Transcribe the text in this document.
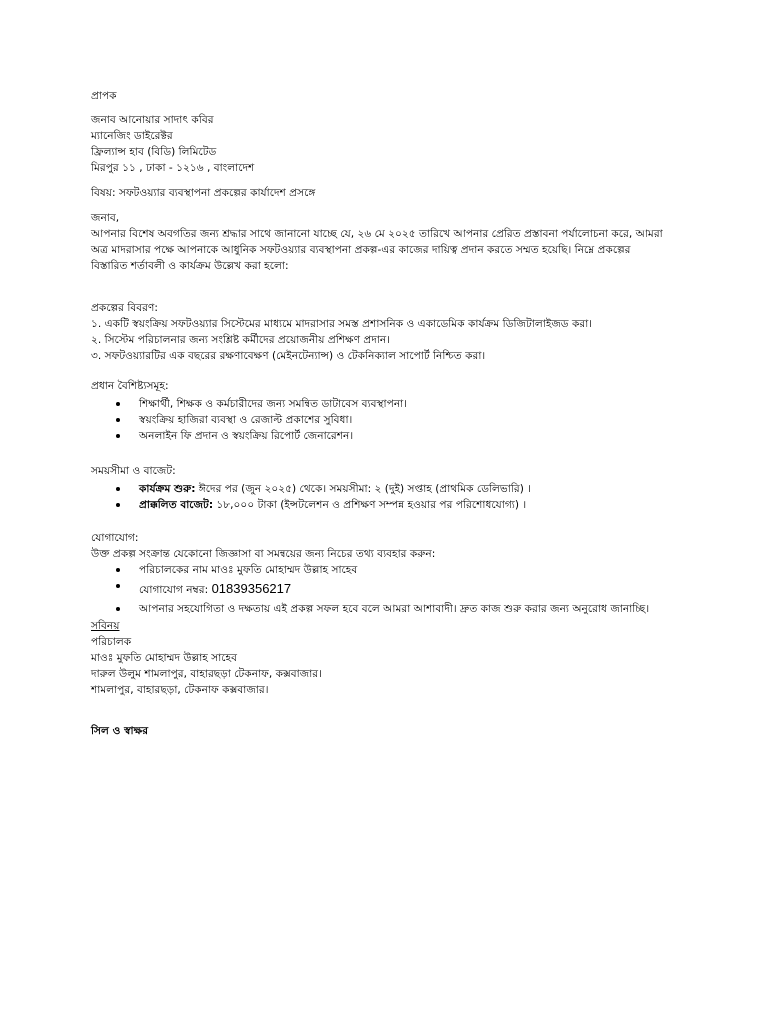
প্রাপক
জনাব আনোয়ার সাদাৎ কবির
ম্যানেজিং ডাইরেক্টর
ফ্রিল্যান্স হাব (বিডি) লিমিটেড
মিরপুর ১১ , ঢাকা - ১২১৬ , বাংলাদেশ
বিষয়: সফটওয়্যার ব্যবস্থাপনা প্রকল্পের কার্যাদেশ প্রসঙ্গে
জনাব,
আপনার বিশেষ অবগতির জন্য শ্রদ্ধার সাথে জানানো যাচ্ছে যে, ২৬ মে ২০২৫ তারিখে আপনার প্রেরিত প্রস্তাবনা পর্যালোচনা করে, আমরা
অত্র মাদরাসার পক্ষে আপনাকে আধুনিক সফটওয়্যার ব্যবস্থাপনা প্রকল্প-এর কাজের দায়িত্ব প্রদান করতে সম্মত হয়েছি। নিম্নে প্রকল্পের
বিস্তারিত শর্তাবলী ও কার্যক্রম উল্লেখ করা হলো:
প্রকল্পের বিবরণ:
১. একটি স্বয়ংক্রিয় সফটওয়্যার সিস্টেমের মাধ্যমে মাদরাসার সমস্ত প্রশাসনিক ও একাডেমিক কার্যক্রম ডিজিটালাইজড করা।
২. সিস্টেম পরিচালনার জন্য সংশ্লিষ্ট কর্মীদের প্রয়োজনীয় প্রশিক্ষণ প্রদান।
৩. সফটওয়্যারটির এক বছরের রক্ষণাবেক্ষণ (মেইনটেন্যান্স) ও টেকনিক্যাল সাপোর্ট নিশ্চিত করা।
প্রধান বৈশিষ্ট্যসমূহ:
শিক্ষার্থী, শিক্ষক ও কর্মচারীদের জন্য সমন্বিত ডাটাবেস ব্যবস্থাপনা।
স্বয়ংক্রিয় হাজিরা ব্যবস্থা ও রেজাল্ট প্রকাশের সুবিধা।
অনলাইন ফি প্রদান ও স্বয়ংক্রিয় রিপোর্ট জেনারেশন।
সময়সীমা ও বাজেট:
কার্যক্রম শুরু: ঈদের পর (জুন ২০২৫) থেকে। সময়সীমা: ২ (দুই) সপ্তাহ (প্রাথমিক ডেলিভারি) ।
প্রাক্কলিত বাজেট: ১৮,০০০ টাকা (ইন্সটলেশন ও প্রশিক্ষণ সম্পন্ন হওয়ার পর পরিশোধযোগ্য) ।
যোগাযোগ:
উক্ত প্রকল্প সংক্রান্ত যেকোনো জিজ্ঞাসা বা সমন্বয়ের জন্য নিচের তথ্য ব্যবহার করুন:
পরিচালকের নাম মাওঃ মুফতি মোহাম্মদ উল্লাহ সাহেব
যোগাযোগ নম্বর: 01839356217
আপনার সহযোগিতা ও দক্ষতায় এই প্রকল্প সফল হবে বলে আমরা আশাবাদী। দ্রুত কাজ শুরু করার জন্য অনুরোধ জানাচ্ছি।
সবিনয়
পরিচালক
মাওঃ মুফতি মোহাম্মদ উল্লাহ সাহেব
দারুল উলুম শামলাপুর, বাহারছড়া টেকনাফ, কক্সবাজার।
শামলাপুর, বাহারছড়া, টেকনাফ কক্সবাজার।
সিল ও স্বাক্ষর
